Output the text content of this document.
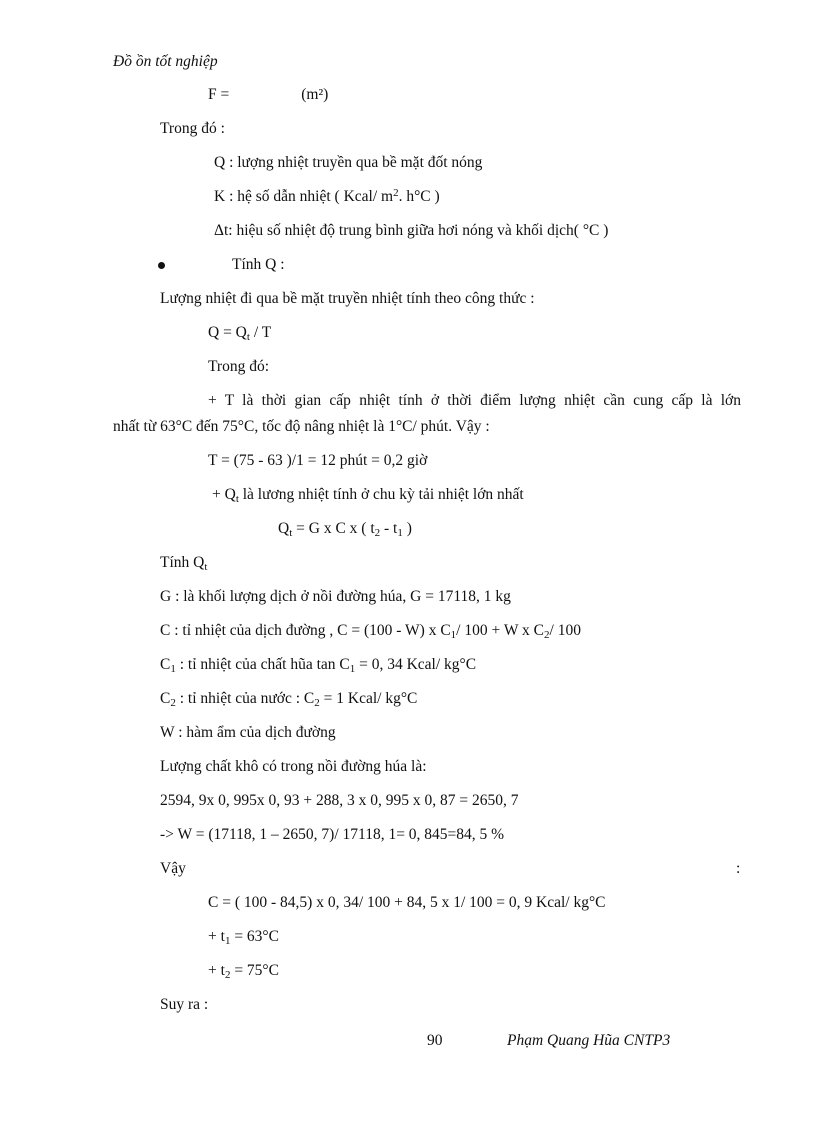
Đồ ồn tốt nghiệp
F =	(m²)
Trong đó :
Q : lượng nhiệt truyền qua bề mặt đốt nóng
K : hệ số dẫn nhiệt ( Kcal/ $m^2$. h°C )
Δt: hiệu số nhiệt độ trung bình giữa hơi nóng và khối dịch( °C )
Tính Q :
Lượng nhiệt đi qua bề mặt truyền nhiệt tính theo công thức :
$Q = Q_t / T$
Trong đó:
+ T là thời gian cấp nhiệt tính ở thời điểm lượng nhiệt cần cung cấp là lớn
nhất từ 63°C đến 75°C, tốc độ nâng nhiệt là 1°C/ phút. Vậy :
T = (75 - 63 )/1 = 12 phút = 0,2 giờ
+ $Q_t$ là lương nhiệt tính ở chu kỳ tải nhiệt lớn nhất
$Q_t = G$ x C x ( $t_2 - t_1$ )
Tính $Q_t$
G : là khối lượng dịch ở nồi đường húa, G = 17118, 1 kg
C : tỉ nhiệt của dịch đường , C = (100 - W) x $C_1/$ 100 + W x $C_2/$ 100
$C_1$ : tỉ nhiệt của chất hũa $\tan C_1 = 0$, 34 Kcal/ kg°C
$C_2$ : tỉ nhiệt của nước : $C_2 = 1$ Kcal/ kg°C
W : hàm ẩm của dịch đường
Lượng chất khô có trong nồi đường húa là:
2594, 9x 0, 995x 0, 93 + 288, 3 x 0, 995 x 0, 87 = 2650, 7
-> W = (17118, 1 – 2650, 7)/ 17118, 1= 0, 845=84, 5 %
Vậy	:
C = ( 100 - 84,5) x 0, 34/ 100 + 84, 5 x 1/ 100 = 0, 9 Kcal/ kg°C
+ $t_1 = 63^\circ C$
+ $t_2 = 75^\circ C$
Suy ra :
90	Phạm Quang Hũa CNTP3
